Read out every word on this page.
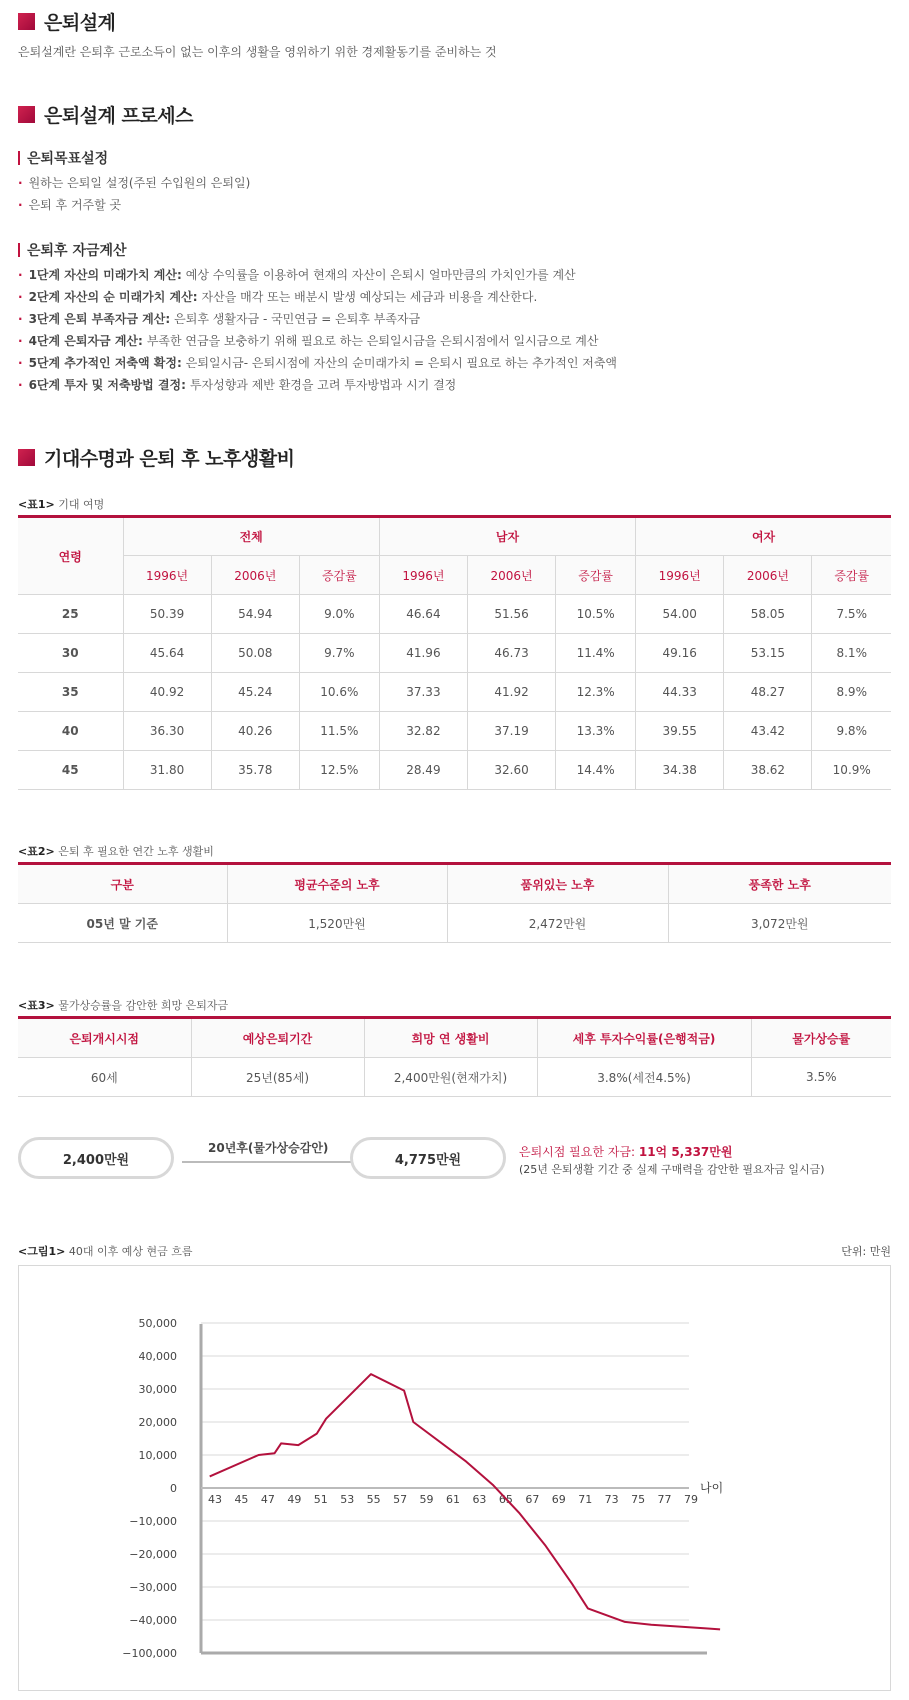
은퇴설계
은퇴설계란 은퇴후 근로소득이 없는 이후의 생활을 영위하기 위한 경제활동기를 준비하는 것
은퇴설계 프로세스
은퇴목표설정
· 원하는 은퇴일 설정(주된 수입원의 은퇴일)
· 은퇴 후 거주할 곳
은퇴후 자금계산
· 1단계 자산의 미래가치 계산: 예상 수익률을 이용하여 현재의 자산이 은퇴시 얼마만큼의 가치인가를 계산
· 2단계 자산의 순 미래가치 계산: 자산을 매각 또는 배분시 발생 예상되는 세금과 비용을 계산한다.
· 3단계 은퇴 부족자금 계산: 은퇴후 생활자금 - 국민연금 = 은퇴후 부족자금
· 4단계 은퇴자금 계산: 부족한 연금을 보충하기 위해 필요로 하는 은퇴일시금을 은퇴시점에서 일시금으로 계산
· 5단계 추가적인 저축액 확정: 은퇴일시금- 은퇴시점에 자산의 순미래가치 = 은퇴시 필요로 하는 추가적인 저축액
· 6단계 투자 및 저축방법 결정: 투자성향과 제반 환경을 고려 투자방법과 시기 결정
기대수명과 은퇴 후 노후생활비
<표1> 기대 여명
연령	전체			남자			여자		
	1996년	2006년	증감률	1996년	2006년	증감률	1996년	2006년	증감률
25	50.39	54.94	9.0%	46.64	51.56	10.5%	54.00	58.05	7.5%
30	45.64	50.08	9.7%	41.96	46.73	11.4%	49.16	53.15	8.1%
35	40.92	45.24	10.6%	37.33	41.92	12.3%	44.33	48.27	8.9%
40	36.30	40.26	11.5%	32.82	37.19	13.3%	39.55	43.42	9.8%
45	31.80	35.78	12.5%	28.49	32.60	14.4%	34.38	38.62	10.9%
<표2> 은퇴 후 필요한 연간 노후 생활비
구분	평균수준의 노후	품위있는 노후	풍족한 노후
05년 말 기준	1,520만원	2,472만원	3,072만원
<표3> 물가상승률을 감안한 희망 은퇴자금
은퇴개시시점	예상은퇴기간	희망 연 생활비	세후 투자수익률(은행적금)	물가상승률
60세	25년(85세)	2,400만원(현재가치)	3.8%(세전4.5%)	3.5%
2,400만원
20년후(물가상승감안)
4,775만원
은퇴시점 필요한 자금: 11억 5,337만원
(25년 은퇴생활 기간 중 실제 구매력을 감안한 필요자금 일시금)
<그림1> 40대 이후 예상 현금 흐름	단위: 만원
50,000
40,000
30,000
20,000
10,000
0
−10,000
−20,000
−30,000
−40,000
−100,000
43 45 47 49 51 53 55 57 59 61 63 65 67 69 71 73 75 77 79
나이
